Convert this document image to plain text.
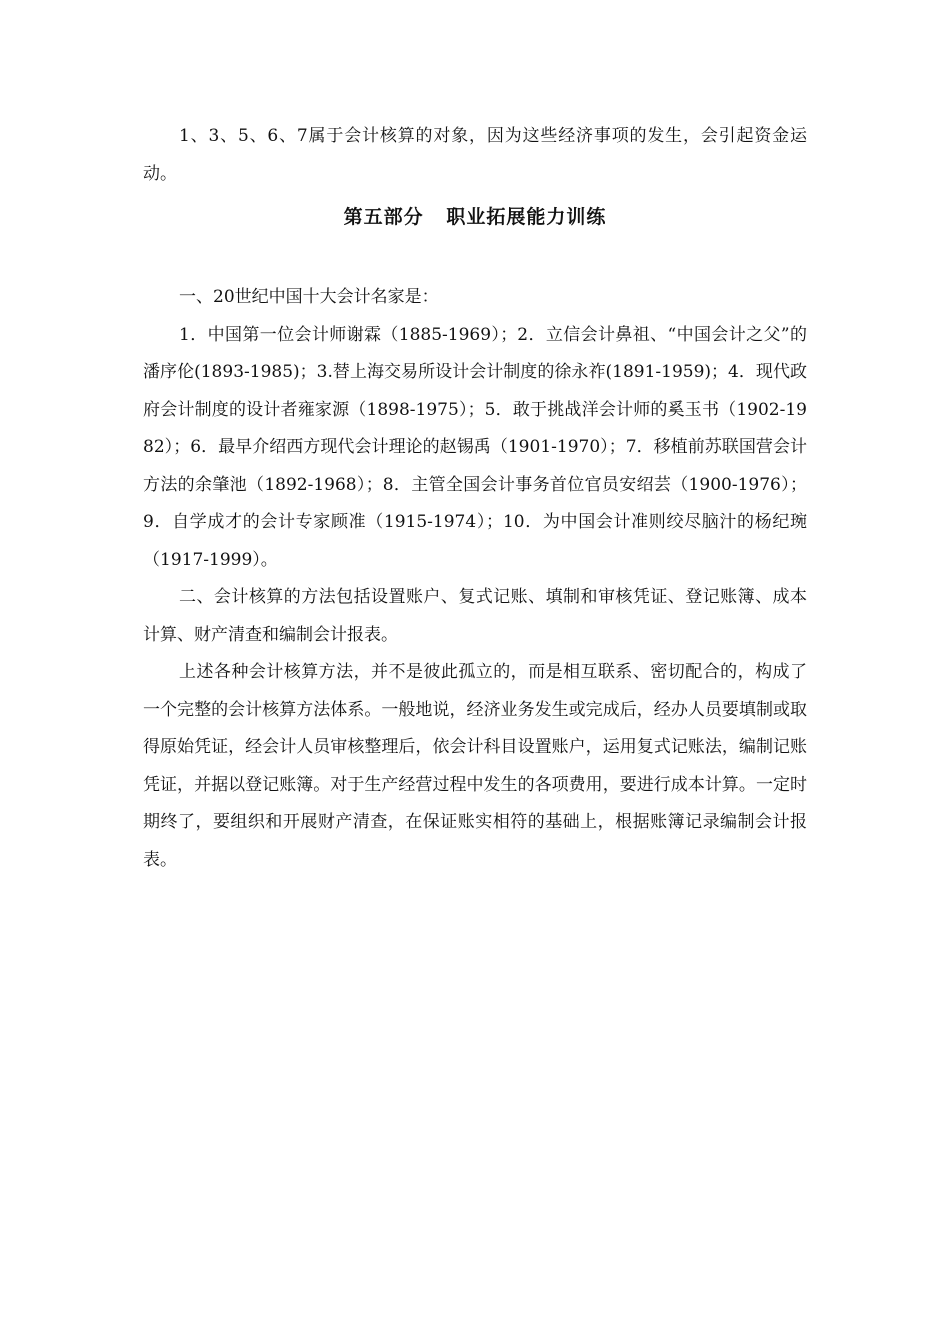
1、3、5、6、7属于会计核算的对象，因为这些经济事项的发生，会引起资金运动。

第五部分   职业拓展能力训练

一、20世纪中国十大会计名家是：

1．中国第一位会计师谢霖（1885-1969）；2．立信会计鼻祖、“中国会计之父”的潘序伦(1893-1985)；3.替上海交易所设计会计制度的徐永祚(1891-1959)；4．现代政府会计制度的设计者雍家源（1898-1975）；5．敢于挑战洋会计师的奚玉书（1902-1982）；6．最早介绍西方现代会计理论的赵锡禹（1901-1970）；7．移植前苏联国营会计方法的余肇池（1892-1968）；8．主管全国会计事务首位官员安绍芸（1900-1976）；9．自学成才的会计专家顾准（1915-1974）；10．为中国会计准则绞尽脑汁的杨纪琬（1917-1999）。

二、会计核算的方法包括设置账户、复式记账、填制和审核凭证、登记账簿、成本计算、财产清查和编制会计报表。

上述各种会计核算方法，并不是彼此孤立的，而是相互联系、密切配合的，构成了一个完整的会计核算方法体系。一般地说，经济业务发生或完成后，经办人员要填制或取得原始凭证，经会计人员审核整理后，依会计科目设置账户，运用复式记账法，编制记账凭证，并据以登记账簿。对于生产经营过程中发生的各项费用，要进行成本计算。一定时期终了，要组织和开展财产清查，在保证账实相符的基础上，根据账簿记录编制会计报表。
